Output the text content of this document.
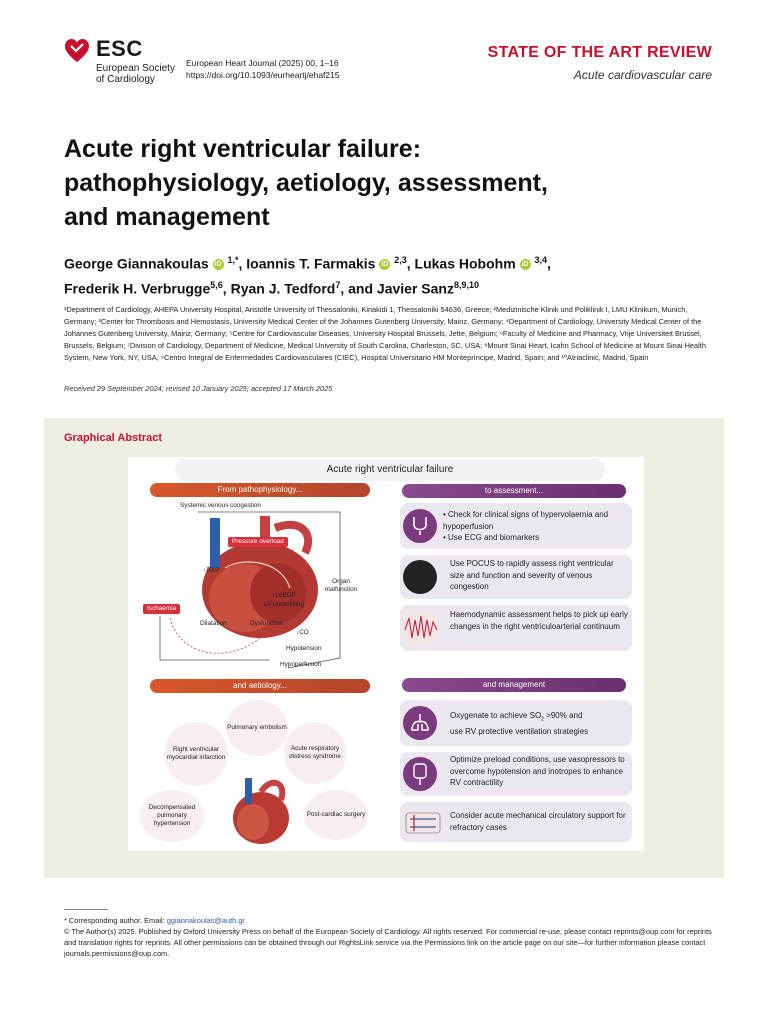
ESC
European Society
of Cardiology
European Heart Journal (2025) 00, 1–16
https://doi.org/10.1093/eurheartj/ehaf215
STATE OF THE ART REVIEW
Acute cardiovascular care
Acute right ventricular failure:
pathophysiology, aetiology, assessment,
and management
George Giannakoulas iD $^{1,*}$, Ioannis T. Farmakis iD $^{2,3}$, Lukas Hobohm iD $^{3,4}$,
Frederik H. Verbrugge$^{5,6}$, Ryan J. Tedford$^7$, and Javier Sanz$^{8,9,10}$
¹Department of Cardiology, AHEPA University Hospital, Aristotle University of Thessaloniki, Kiriakidi 1, Thessaloniki 54636, Greece; ²Medizinische Klinik und Poliklinik I, LMU Klinikum, Munich, Germany; ³Center for Thrombosis and Hemostasis, University Medical Center of the Johannes Gutenberg University, Mainz, Germany; ⁴Department of Cardiology, University Medical Center of the Johannes Gutenberg University, Mainz, Germany; ⁵Centre for Cardiovascular Diseases, University Hospital Brussels, Jette, Belgium; ⁶Faculty of Medicine and Pharmacy, Vrije Universiteit Brussel, Brussels, Belgium; ⁷Division of Cardiology, Department of Medicine, Medical University of South Carolina, Charleston, SC, USA; ⁸Mount Sinai Heart, Icahn School of Medicine at Mount Sinai Health System, New York, NY, USA; ⁹Centro Integral de Enfermedades Cardiovasculares (CIEC), Hospital Universitario HM Montepríncipe, Madrid, Spain; and ¹⁰Atriaclinic, Madrid, Spain
Received 29 September 2024; revised 10 January 2025; accepted 17 March 2025
Graphical Abstract
Acute right ventricular failure
From pathophysiology...	to assessment...
and aetiology...	and management
Systemic venous congestion
Pressure overload
↑RAP
↑LVEDP
LV underfilling
Organ malfunction
Ischaemia
Dilatation	Dysfunction
↓CO
Hypotension
Hypoperfusion
• Check for clinical signs of hypervolaemia and hypoperfusion
• Use ECG and biomarkers
Use POCUS to rapidly assess right ventricular size and function and severity of venous congestion
Haemodynamic assessment helps to pick up early changes in the right ventriculoarterial continuum
Pulmonary embolism
Right ventricular myocardial infarction
Acute respiratory distress syndrome
Decompensated pulmonary hypertension
Post-cardiac surgery
Oxygenate to achieve $SO_2 >90\%$ and
use RV protective ventilation strategies
Optimize preload conditions, use vasopressors to overcome hypotension and inotropes to enhance RV contractility
Consider acute mechanical circulatory support for refractory cases
* Corresponding author. Email: ggiannakoulas@auth.gr
© The Author(s) 2025. Published by Oxford University Press on behalf of the European Society of Cardiology. All rights reserved. For commercial re-use, please contact reprints@oup.com for reprints and translation rights for reprints. All other permissions can be obtained through our RightsLink service via the Permissions link on the article page on our site—for further information please contact journals.permissions@oup.com.
